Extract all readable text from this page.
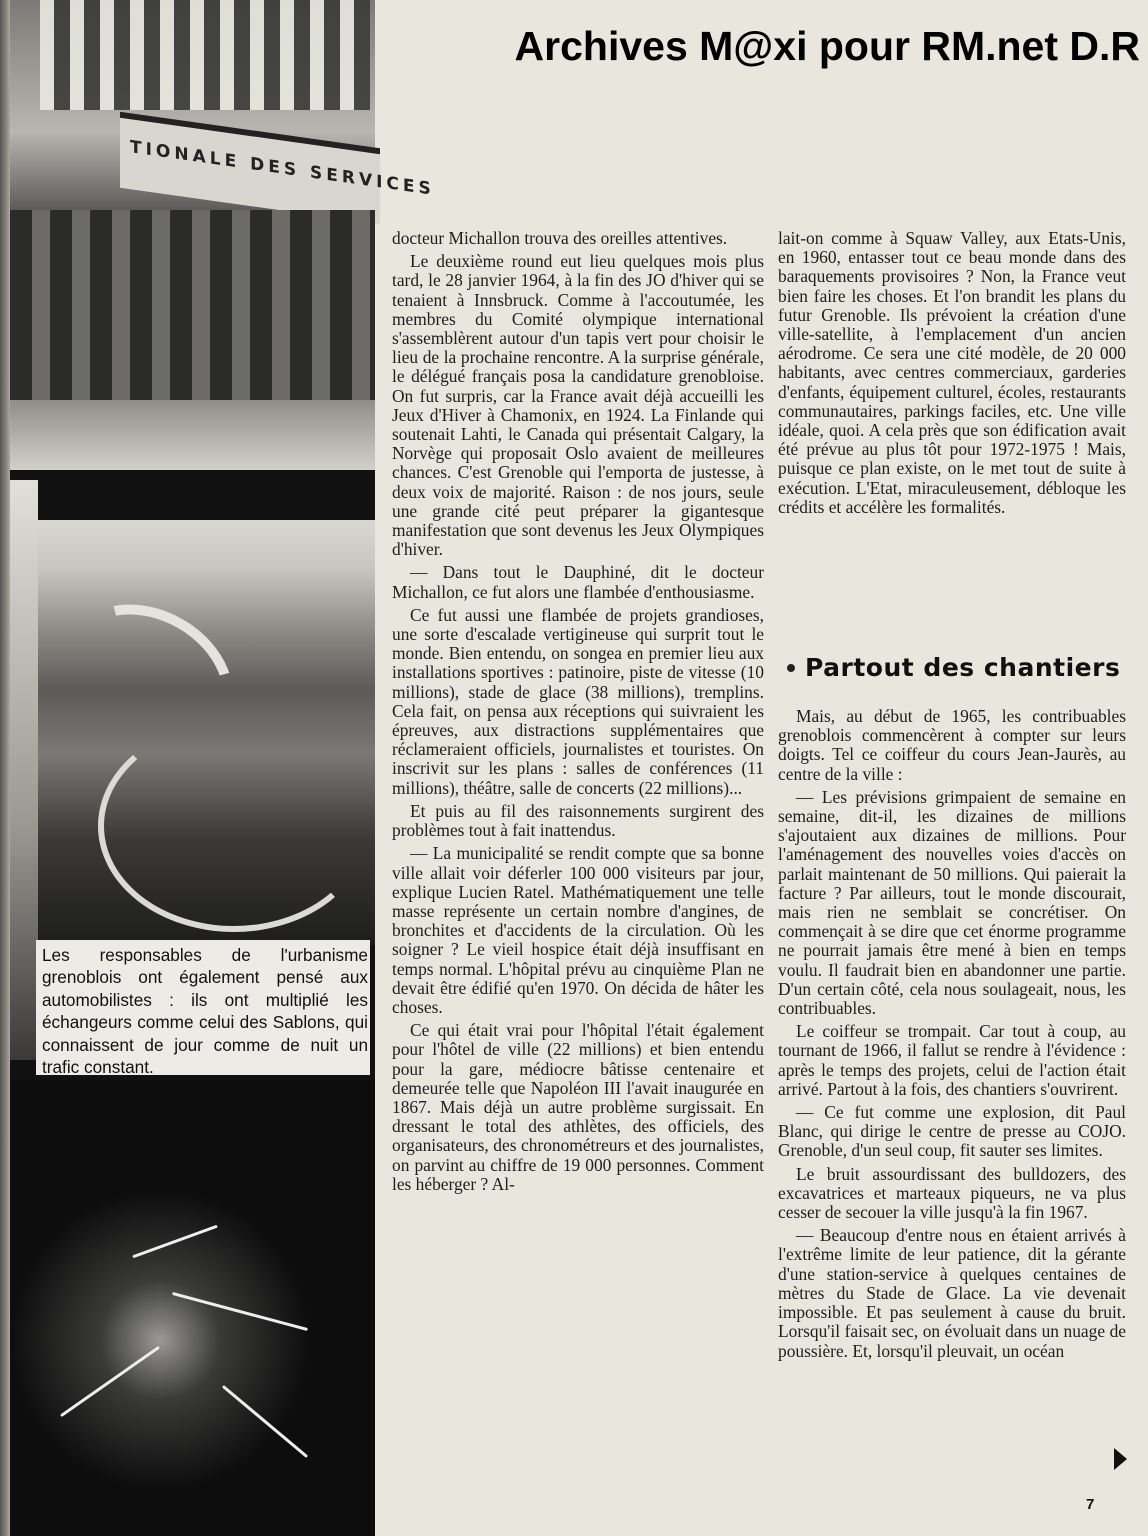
TIONALE DES SERVICES

Les responsables de l'urbanisme grenoblois ont également pensé aux automobilistes : ils ont multiplié les échangeurs comme celui des Sablons, qui connaissent de jour comme de nuit un trafic constant.

Archives M@xi pour RM.net D.R

docteur Michallon trouva des oreilles attentives.

Le deuxième round eut lieu quelques mois plus tard, le 28 janvier 1964, à la fin des JO d'hiver qui se tenaient à Innsbruck. Comme à l'accoutumée, les membres du Comité olympique international s'assemblèrent autour d'un tapis vert pour choisir le lieu de la prochaine rencontre. A la surprise générale, le délégué français posa la candidature grenobloise. On fut surpris, car la France avait déjà accueilli les Jeux d'Hiver à Chamonix, en 1924. La Finlande qui soutenait Lahti, le Canada qui présentait Calgary, la Norvège qui proposait Oslo avaient de meilleures chances. C'est Grenoble qui l'emporta de justesse, à deux voix de majorité. Raison : de nos jours, seule une grande cité peut préparer la gigantesque manifestation que sont devenus les Jeux Olympiques d'hiver.

— Dans tout le Dauphiné, dit le docteur Michallon, ce fut alors une flambée d'enthousiasme.

Ce fut aussi une flambée de projets grandioses, une sorte d'escalade vertigineuse qui surprit tout le monde. Bien entendu, on songea en premier lieu aux installations sportives : patinoire, piste de vitesse (10 millions), stade de glace (38 millions), tremplins. Cela fait, on pensa aux réceptions qui suivraient les épreuves, aux distractions supplémentaires que réclameraient officiels, journalistes et touristes. On inscrivit sur les plans : salles de conférences (11 millions), théâtre, salle de concerts (22 millions)...

Et puis au fil des raisonnements surgirent des problèmes tout à fait inattendus.

— La municipalité se rendit compte que sa bonne ville allait voir déferler 100 000 visiteurs par jour, explique Lucien Ratel. Mathématiquement une telle masse représente un certain nombre d'angines, de bronchites et d'accidents de la circulation. Où les soigner ? Le vieil hospice était déjà insuffisant en temps normal. L'hôpital prévu au cinquième Plan ne devait être édifié qu'en 1970. On décida de hâter les choses.

Ce qui était vrai pour l'hôpital l'était également pour l'hôtel de ville (22 millions) et bien entendu pour la gare, médiocre bâtisse centenaire et demeurée telle que Napoléon III l'avait inaugurée en 1867. Mais déjà un autre problème surgissait. En dressant le total des athlètes, des officiels, des organisateurs, des chronométreurs et des journalistes, on parvint au chiffre de 19 000 personnes. Comment les héberger ? Al-

lait-on comme à Squaw Valley, aux Etats-Unis, en 1960, entasser tout ce beau monde dans des baraquements provisoires ? Non, la France veut bien faire les choses. Et l'on brandit les plans du futur Grenoble. Ils prévoient la création d'une ville-satellite, à l'emplacement d'un ancien aérodrome. Ce sera une cité modèle, de 20 000 habitants, avec centres commerciaux, garderies d'enfants, équipement culturel, écoles, restaurants communautaires, parkings faciles, etc. Une ville idéale, quoi. A cela près que son édification avait été prévue au plus tôt pour 1972-1975 ! Mais, puisque ce plan existe, on le met tout de suite à exécution. L'Etat, miraculeusement, débloque les crédits et accélère les formalités.

Partout des chantiers

Mais, au début de 1965, les contribuables grenoblois commencèrent à compter sur leurs doigts. Tel ce coiffeur du cours Jean-Jaurès, au centre de la ville :

— Les prévisions grimpaient de semaine en semaine, dit-il, les dizaines de millions s'ajoutaient aux dizaines de millions. Pour l'aménagement des nouvelles voies d'accès on parlait maintenant de 50 millions. Qui paierait la facture ? Par ailleurs, tout le monde discourait, mais rien ne semblait se concrétiser. On commençait à se dire que cet énorme programme ne pourrait jamais être mené à bien en temps voulu. Il faudrait bien en abandonner une partie. D'un certain côté, cela nous soulageait, nous, les contribuables.

Le coiffeur se trompait. Car tout à coup, au tournant de 1966, il fallut se rendre à l'évidence : après le temps des projets, celui de l'action était arrivé. Partout à la fois, des chantiers s'ouvrirent.

— Ce fut comme une explosion, dit Paul Blanc, qui dirige le centre de presse au COJO. Grenoble, d'un seul coup, fit sauter ses limites.

Le bruit assourdissant des bulldozers, des excavatrices et marteaux piqueurs, ne va plus cesser de secouer la ville jusqu'à la fin 1967.

— Beaucoup d'entre nous en étaient arrivés à l'extrême limite de leur patience, dit la gérante d'une station-service à quelques centaines de mètres du Stade de Glace. La vie devenait impossible. Et pas seulement à cause du bruit. Lorsqu'il faisait sec, on évoluait dans un nuage de poussière. Et, lorsqu'il pleuvait, un océan

7
